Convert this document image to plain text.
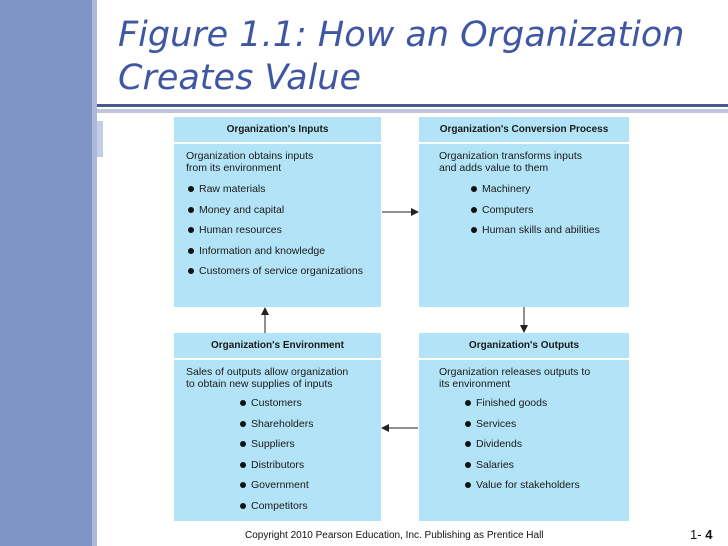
Figure 1.1: How an Organization
Creates Value
Organization's Inputs
Organization obtains inputs
from its environment
Raw materials
Money and capital
Human resources
Information and knowledge
Customers of service organizations
Organization's Conversion Process
Organization transforms inputs
and adds value to them
Machinery
Computers
Human skills and abilities
Organization's Environment
Sales of outputs allow organization
to obtain new supplies of inputs
Customers
Shareholders
Suppliers
Distributors
Government
Competitors
Organization's Outputs
Organization releases outputs to
its environment
Finished goods
Services
Dividends
Salaries
Value for stakeholders
Copyright 2010 Pearson Education, Inc. Publishing as Prentice Hall	1- 4
